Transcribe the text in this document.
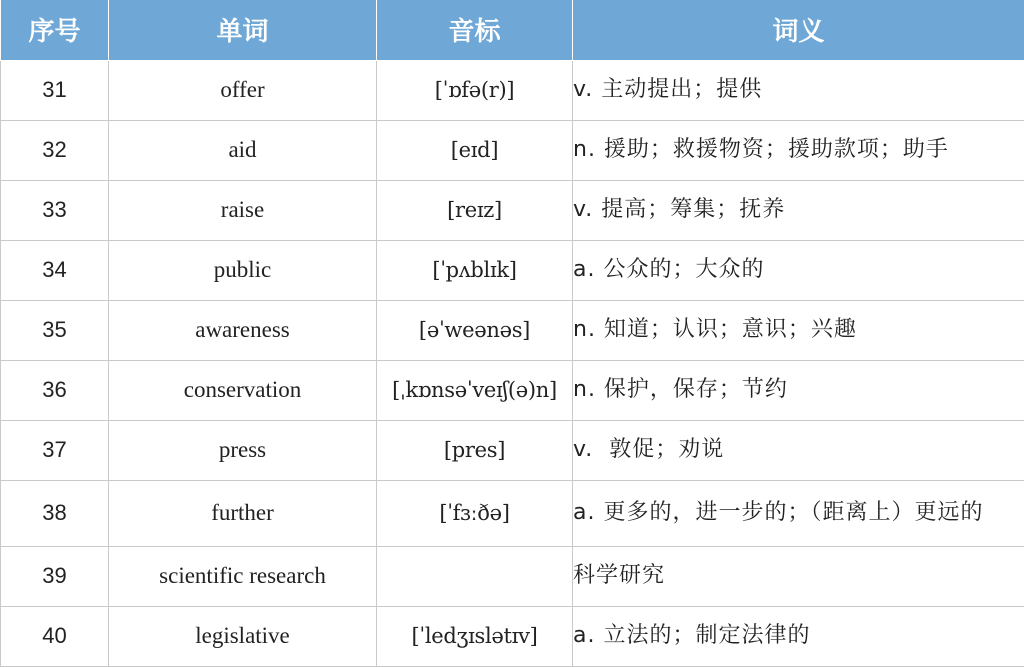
序号	单词	音标	词义
31	offer	[ˈɒfə(r)]	v. 主动提出；提供
32	aid	[eɪd]	n. 援助；救援物资；援助款项；助手
33	raise	[reɪz]	v. 提高；筹集；抚养
34	public	[ˈpʌblɪk]	a. 公众的；大众的
35	awareness	[əˈweənəs]	n. 知道；认识；意识；兴趣
36	conservation	[ˌkɒnsəˈveɪʃ(ə)n]	n. 保护，保存；节约
37	press	[pres]	v.  敦促；劝说
38	further	[ˈfɜːðə]	a. 更多的，进一步的；（距离上）更远的
39	scientific research		科学研究
40	legislative	[ˈledʒɪslətɪv]	a. 立法的；制定法律的
